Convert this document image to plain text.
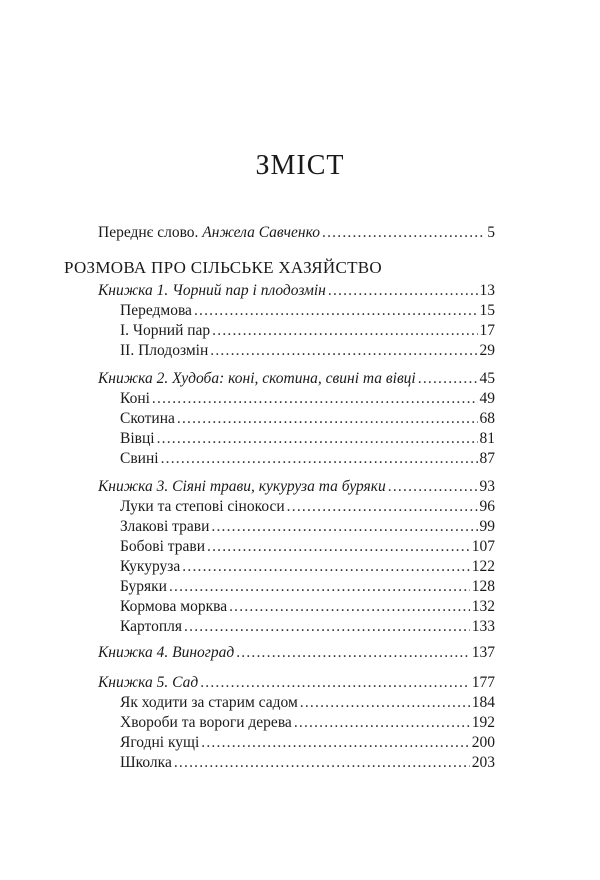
ЗМІСТ
Переднє слово. Анжела Савченко .....	5
РОЗМОВА ПРО СІЛЬСЬКЕ ХАЗЯЙСТВО
Книжка 1. Чорний пар і плодозмін .....	13
Передмова .....	15
І. Чорний пар .....	17
ІІ. Плодозмін .....	29
Книжка 2. Худоба: коні, скотина, свині та вівці .....	45
Коні .....	49
Скотина .....	68
Вівці .....	81
Свині .....	87
Книжка 3. Сіяні трави, кукуруза та буряки .....	93
Луки та степові сінокоси .....	96
Злакові трави .....	99
Бобові трави .....	107
Кукуруза .....	122
Буряки .....	128
Кормова морква .....	132
Картопля .....	133
Книжка 4. Виноград .....	137
Книжка 5. Сад .....	177
Як ходити за старим садом .....	184
Хвороби та вороги дерева .....	192
Ягодні кущі .....	200
Школка .....	203
